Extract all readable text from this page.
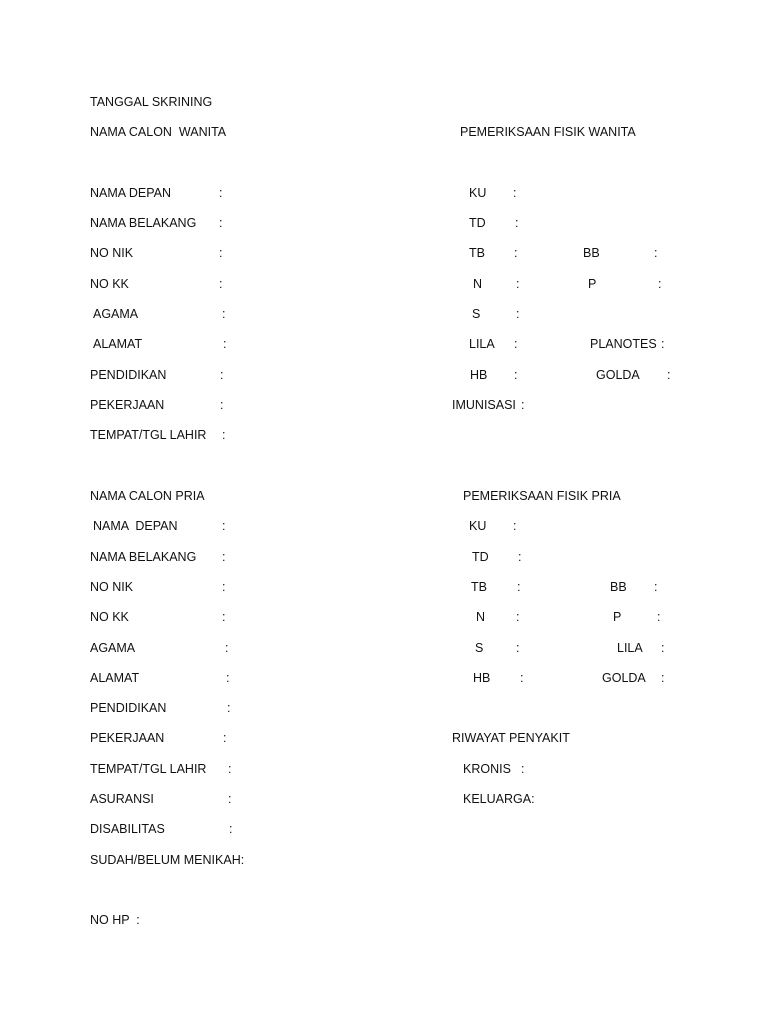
TANGGAL SKRINING
NAMA CALON  WANITA	PEMERIKSAAN FISIK WANITA
NAMA DEPAN	:
NAMA BELAKANG :
NO NIK	:
NO KK	:
AGAMA	:
ALAMAT	:
PENDIDIKAN	:
PEKERJAAN	:
TEMPAT/TGL LAHIR :
KU :
TD :
TB :	BB	:
N	:	P	:
S	:
LILA :	PLANOTES :
HB :	GOLDA :
IMUNISASI :
NAMA CALON PRIA
NAMA  DEPAN	:
NAMA BELAKANG :
NO NIK	:
NO KK	:
AGAMA	:
ALAMAT	:
PENDIDIKAN	:
PEKERJAAN	:
TEMPAT/TGL LAHIR :
ASURANSI	:
DISABILITAS	:
SUDAH/BELUM MENIKAH:
NO HP  :
PEMERIKSAAN FISIK PRIA
KU :
TD :
TB :	BB :
N :	P	:
S	:	LILA :
HB :	GOLDA :
RIWAYAT PENYAKIT
KRONIS :
KELUARGA:
